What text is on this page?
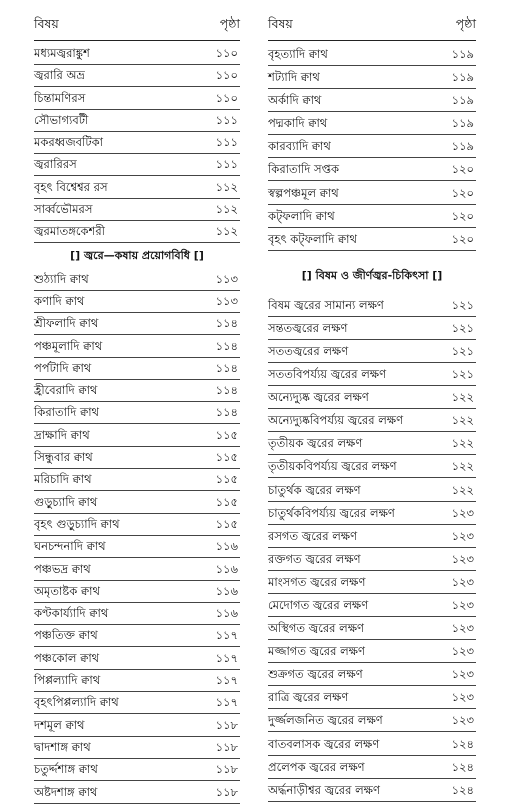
বিষয়	পৃষ্ঠা
মধ্যমজ্বরাঙ্কুশ	১১০
জ্বরারি অভ্র	১১০
চিন্তামণিরস	১১০
সৌভাগ্যবটী	১১১
মকরধ্বজবটিকা	১১১
জ্বরারিরস	১১১
বৃহৎ বিশ্বেশ্বর রস	১১২
সার্ব্বভৌমরস	১১২
জ্বরমাতঙ্গকেশরী	১১২
[] জ্বরে—কষায় প্রয়োগবিধি []
শুঠ্যাদি ক্বাথ	১১৩
কণাদি ক্বাথ	১১৩
শ্রীফলাদি ক্বাথ	১১৪
পঞ্চমূলাদি ক্বাথ	১১৪
পর্পটাদি ক্বাথ	১১৪
হ্রীবেরাদি ক্বাথ	১১৪
কিরাতাদি ক্বাথ	১১৪
দ্রাক্ষাদি ক্বাথ	১১৫
সিন্ধুবার ক্বাথ	১১৫
মরিচাদি ক্বাথ	১১৫
গুড়ুচ্যাদি ক্বাথ	১১৫
বৃহৎ গুড়ুচ্যাদি ক্বাথ	১১৫
ঘনচন্দনাদি ক্বাথ	১১৬
পঞ্চভদ্র ক্বাথ	১১৬
অমৃতাষ্টক ক্বাথ	১১৬
কণ্টকার্য্যাদি ক্বাথ	১১৬
পঞ্চতিক্ত ক্বাথ	১১৭
পঞ্চকোল ক্বাথ	১১৭
পিপ্পল্যাদি ক্বাথ	১১৭
বৃহৎপিপ্পল্যাদি ক্বাথ	১১৭
দশমূল ক্বাথ	১১৮
দ্বাদশাঙ্গ ক্বাথ	১১৮
চতুর্দ্দশাঙ্গ ক্বাথ	১১৮
অষ্টদশাঙ্গ ক্বাথ	১১৮
বিষয়	পৃষ্ঠা
বৃহত্যাদি ক্বাথ	১১৯
শট্যাদি ক্বাথ	১১৯
অর্কাদি ক্বাথ	১১৯
পদ্মকাদি ক্বাথ	১১৯
কারব্যাদি ক্বাথ	১১৯
কিরাতাদি সপ্তক	১২০
স্বল্পপঞ্চমূল ক্বাথ	১২০
কট্‌ফলাদি ক্বাথ	১২০
বৃহৎ কট্‌ফলাদি ক্বাথ	১২০
[] বিষম ও জীর্ণজ্বর-চিকিৎসা []
বিষম জ্বরের সামান্য লক্ষণ	১২১
সন্ততজ্বরের লক্ষণ	১২১
সততজ্বরের লক্ষণ	১২১
সততবিপর্য্যয় জ্বরের লক্ষণ	১২১
অন্যেদ্যুষ্ক জ্বরের লক্ষণ	১২২
অন্যেদ্যুষ্কবিপর্য্যয় জ্বরের লক্ষণ	১২২
তৃতীয়ক জ্বরের লক্ষণ	১২২
তৃতীয়কবিপর্য্যয় জ্বরের লক্ষণ	১২২
চাতুর্থক জ্বরের লক্ষণ	১২২
চাতুর্থকবিপর্য্যয় জ্বরের লক্ষণ	১২৩
রসগত জ্বরের লক্ষণ	১২৩
রক্তগত জ্বরের লক্ষণ	১২৩
মাংসগত জ্বরের লক্ষণ	১২৩
মেদোগত জ্বরের লক্ষণ	১২৩
অস্থিগত জ্বরের লক্ষণ	১২৩
মজ্জাগত জ্বরের লক্ষণ	১২৩
শুক্রগত জ্বরের লক্ষণ	১২৩
রাত্রি জ্বরের লক্ষণ	১২৩
দুর্জ্জলজনিত জ্বরের লক্ষণ	১২৩
বাতবলাসক জ্বরের লক্ষণ	১২৪
প্রলেপক জ্বরের লক্ষণ	১২৪
অর্দ্ধনাড়ীশ্বর জ্বরের লক্ষণ	১২৪
